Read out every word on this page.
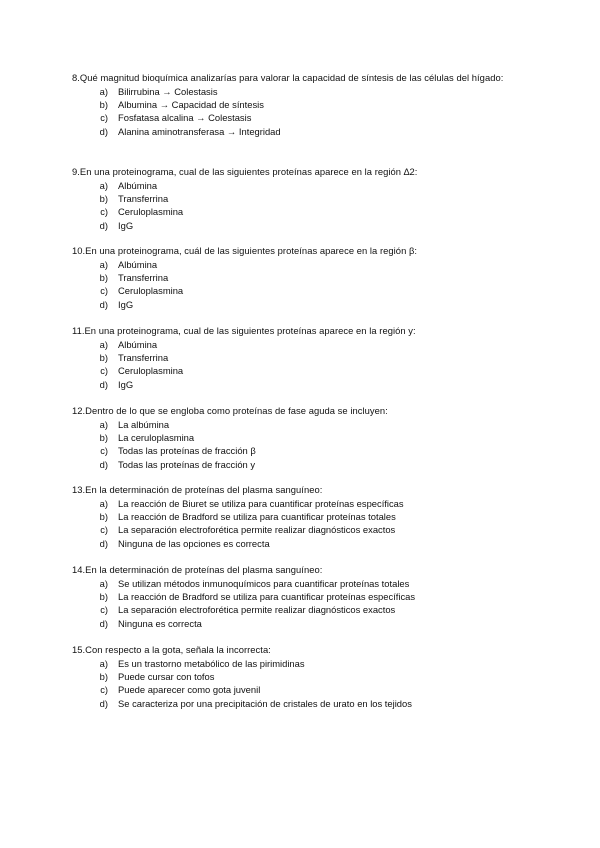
8.Qué magnitud bioquímica analizarías para valorar la capacidad de síntesis de las células del hígado:

a) Bilirrubina → Colestasis
b) Albumina → Capacidad de síntesis
c) Fosfatasa alcalina → Colestasis
d) Alanina aminotransferasa → Integridad

9.En una proteinograma, cual de las siguientes proteínas aparece en la región ∆2:

a) Albúmina
b) Transferrina
c) Ceruloplasmina
d) IgG

10.En una proteinograma, cuál de las siguientes proteínas aparece en la región β:

a) Albúmina
b) Transferrina
c) Ceruloplasmina
d) IgG

11.En una proteinograma, cual de las siguientes proteínas aparece en la región y:

a) Albúmina
b) Transferrina
c) Ceruloplasmina
d) IgG

12.Dentro de lo que se engloba como proteínas de fase aguda se incluyen:

a) La albúmina
b) La ceruloplasmina
c) Todas las proteínas de fracción β
d) Todas las proteínas de fracción y

13.En la determinación de proteínas del plasma sanguíneo:

a) La reacción de Biuret se utiliza para cuantificar proteínas específicas
b) La reacción de Bradford se utiliza para cuantificar proteínas totales
c) La separación electroforética permite realizar diagnósticos exactos
d) Ninguna de las opciones es correcta

14.En la determinación de proteínas del plasma sanguíneo:

a) Se utilizan métodos inmunoquímicos para cuantificar proteínas totales
b) La reacción de Bradford se utiliza para cuantificar proteínas específicas
c) La separación electroforética permite realizar diagnósticos exactos
d) Ninguna es correcta

15.Con respecto a la gota, señala la incorrecta:

a) Es un trastorno metabólico de las pirimidinas
b) Puede cursar con tofos
c) Puede aparecer como gota juvenil
d) Se caracteriza por una precipitación de cristales de urato en los tejidos
